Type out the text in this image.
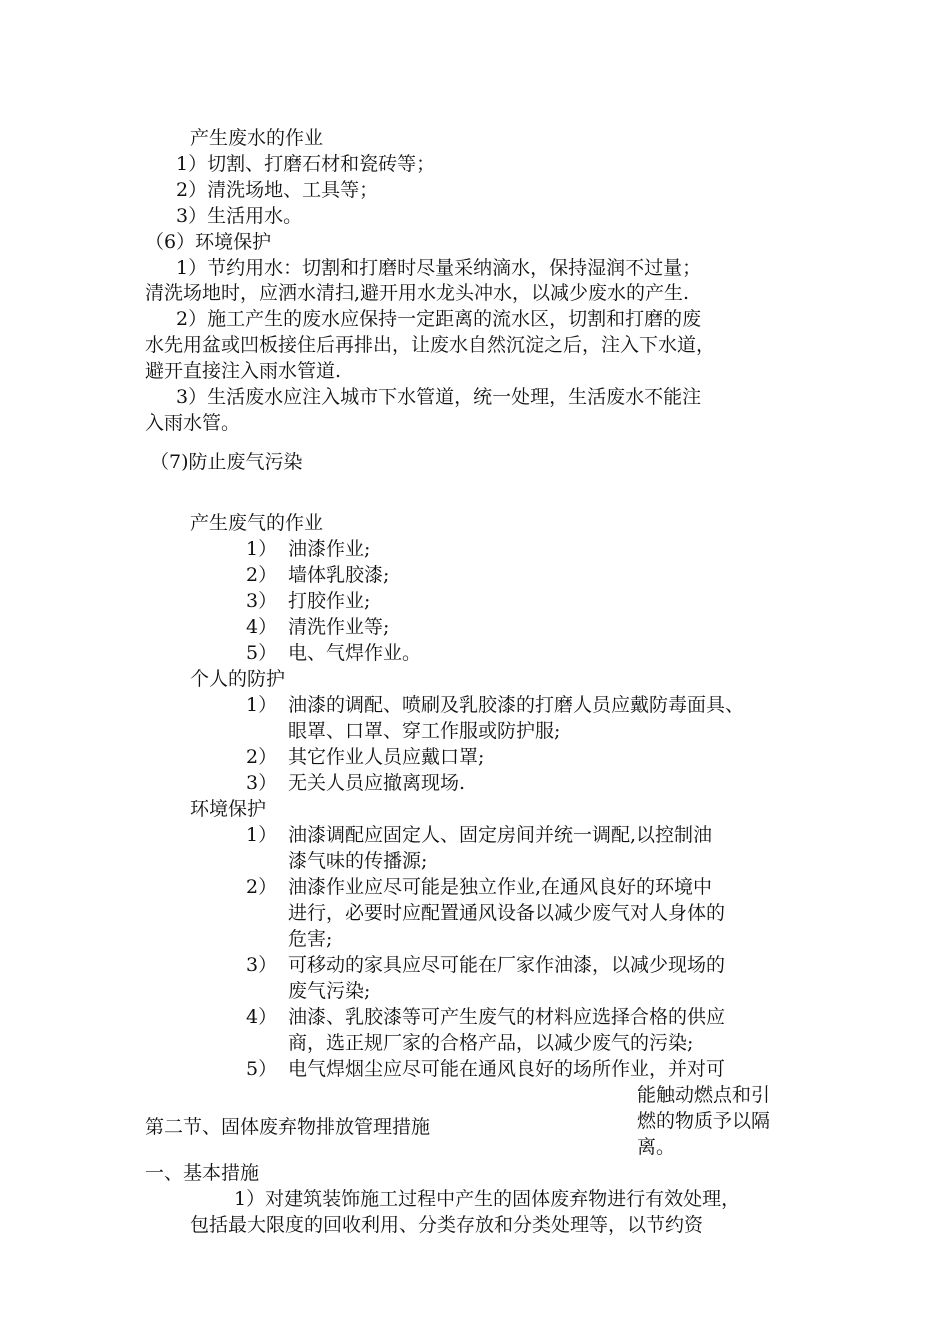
产生废水的作业
1）切割、打磨石材和瓷砖等；
2）清洗场地、工具等；
3）生活用水。
（6）环境保护
1）节约用水：切割和打磨时尽量采纳滴水，保持湿润不过量；
清洗场地时，应洒水清扫,避开用水龙头冲水，以减少废水的产生.
2）施工产生的废水应保持一定距离的流水区，切割和打磨的废
水先用盆或凹板接住后再排出，让废水自然沉淀之后，注入下水道，
避开直接注入雨水管道.
3）生活废水应注入城市下水管道，统一处理，生活废水不能注
入雨水管。
（7)防止废气污染
产生废气的作业
1） 油漆作业;
2） 墙体乳胶漆;
3） 打胶作业;
4） 清洗作业等;
5） 电、气焊作业。
个人的防护
1） 油漆的调配、喷刷及乳胶漆的打磨人员应戴防毒面具、
眼罩、口罩、穿工作服或防护服;
2） 其它作业人员应戴口罩;
3） 无关人员应撤离现场.
环境保护
1） 油漆调配应固定人、固定房间并统一调配,以控制油
漆气味的传播源;
2） 油漆作业应尽可能是独立作业,在通风良好的环境中
进行，必要时应配置通风设备以减少废气对人身体的
危害;
3） 可移动的家具应尽可能在厂家作油漆，以减少现场的
废气污染;
4） 油漆、乳胶漆等可产生废气的材料应选择合格的供应
商，选正规厂家的合格产品，以减少废气的污染;
5） 电气焊烟尘应尽可能在通风良好的场所作业，并对可
能触动燃点和引
燃的物质予以隔
离。
第二节、固体废弃物排放管理措施
一、基本措施
1）对建筑装饰施工过程中产生的固体废弃物进行有效处理，
包括最大限度的回收利用、分类存放和分类处理等，以节约资
